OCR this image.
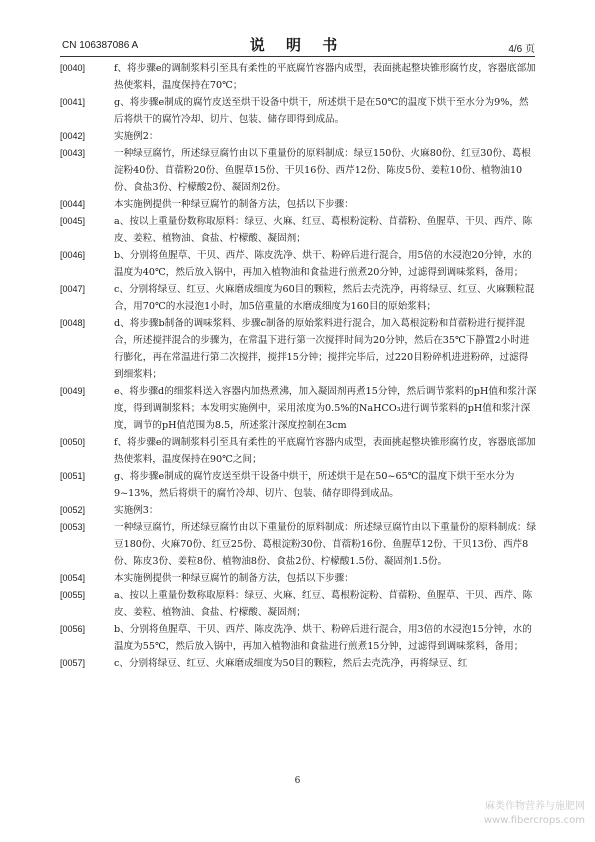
CN 106387086 A	说 明 书	4/6 页

[0040]	f、将步骤e的调制浆料引至具有柔性的平底腐竹容器内成型，表面挑起整块锥形腐竹皮，容器底部加热使浆料，温度保持在70℃；

[0041]	g、将步骤e制成的腐竹皮送至烘干设备中烘干，所述烘干是在50℃的温度下烘干至水分为9%，然后将烘干的腐竹冷却、切片、包装、储存即得到成品。

[0042]	实施例2：

[0043]	一种绿豆腐竹，所述绿豆腐竹由以下重量份的原料制成：绿豆150份、火麻80份、红豆30份、葛根淀粉40份、苜蓿粉20份、鱼腥草15份、干贝16份、西芹12份、陈皮5份、姜粒10份、植物油10份、食盐3份、柠檬酸2份、凝固剂2份。

[0044]	本实施例提供一种绿豆腐竹的制备方法，包括以下步骤：

[0045]	a、按以上重量份数称取原料：绿豆、火麻、红豆、葛根粉淀粉、苜蓿粉、鱼腥草、干贝、西芹、陈皮、姜粒、植物油、食盐、柠檬酸、凝固剂；

[0046]	b、分别将鱼腥草、干贝、西芹、陈皮洗净、烘干、粉碎后进行混合，用5倍的水浸泡20分钟，水的温度为40℃，然后放入锅中，再加入植物油和食盐进行煎煮20分钟，过滤得到调味浆料，备用；

[0047]	c、分别将绿豆、红豆、火麻磨成细度为60目的颗粒，然后去壳洗净，再将绿豆、红豆、火麻颗粒混合，用70℃的水浸泡1小时，加5倍重量的水磨成细度为160目的原始浆料；

[0048]	d、将步骤b制备的调味浆料、步骤c制备的原始浆料进行混合，加入葛根淀粉和苜蓿粉进行搅拌混合，所述搅拌混合的步骤为，在常温下进行第一次搅拌时间为20分钟，然后在35℃下静置2小时进行膨化，再在常温进行第二次搅拌，搅拌15分钟；搅拌完毕后，过220目粉碎机进进粉碎，过滤得到细浆料；

[0049]	e、将步骤d的细浆料送入容器内加热煮沸，加入凝固剂再煮15分钟，然后调节浆料的pH值和浆汁深度，得到调制浆料；本发明实施例中，采用浓度为0.5%的NaHCO₃进行调节浆料的pH值和浆汁深度，调节的pH值范围为8.5，所述浆汁深度控制在3cm

[0050]	f、将步骤e的调制浆料引至具有柔性的平底腐竹容器内成型，表面挑起整块锥形腐竹皮，容器底部加热使浆料，温度保持在90℃之间；

[0051]	g、将步骤e制成的腐竹皮送至烘干设备中烘干，所述烘干是在50~65℃的温度下烘干至水分为9~13%，然后将烘干的腐竹冷却、切片、包装、储存即得到成品。

[0052]	实施例3：

[0053]	一种绿豆腐竹，所述绿豆腐竹由以下重量份的原料制成：所述绿豆腐竹由以下重量份的原料制成：绿豆180份、火麻70份、红豆25份、葛根淀粉30份、苜蓿粉16份、鱼腥草12份、干贝13份、西芹8份、陈皮3份、姜粒8份、植物油8份、食盐2份、柠檬酸1.5份、凝固剂1.5份。

[0054]	本实施例提供一种绿豆腐竹的制备方法，包括以下步骤：

[0055]	a、按以上重量份数称取原料：绿豆、火麻、红豆、葛根粉淀粉、苜蓿粉、鱼腥草、干贝、西芹、陈皮、姜粒、植物油、食盐、柠檬酸、凝固剂；

[0056]	b、分别将鱼腥草、干贝、西芹、陈皮洗净、烘干、粉碎后进行混合，用3倍的水浸泡15分钟，水的温度为55℃，然后放入锅中，再加入植物油和食盐进行煎煮15分钟，过滤得到调味浆料，备用；

[0057]	c、分别将绿豆、红豆、火麻磨成细度为50目的颗粒，然后去壳洗净，再将绿豆、红

6
麻类作物营养与施肥网
www.fibercrops.com
